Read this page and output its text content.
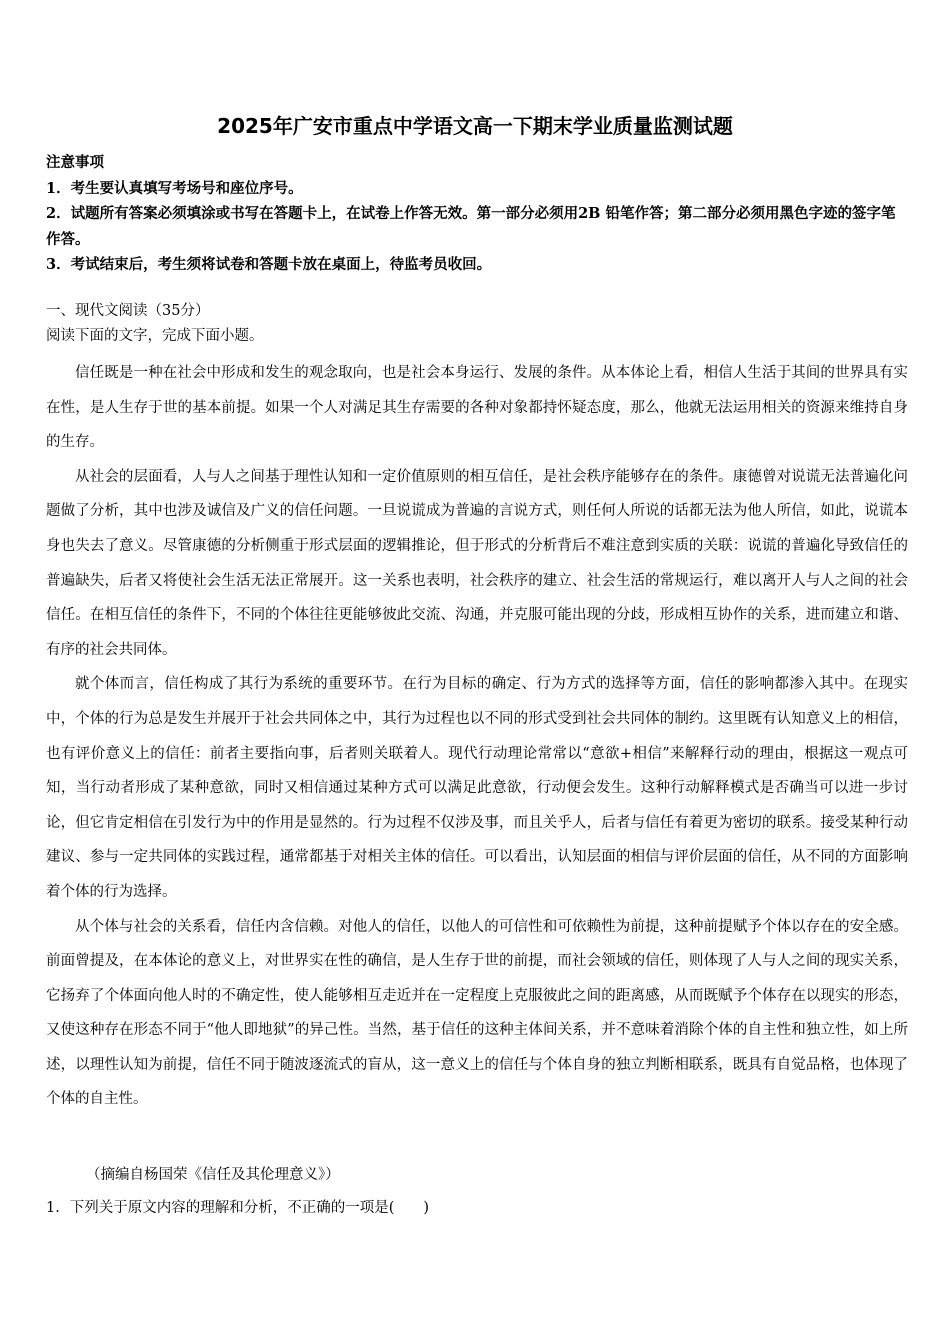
2025年广安市重点中学语文高一下期末学业质量监测试题

注意事项

1．考生要认真填写考场号和座位序号。

2．试题所有答案必须填涂或书写在答题卡上，在试卷上作答无效。第一部分必须用2B 铅笔作答；第二部分必须用黑色字迹的签字笔作答。

3．考试结束后，考生须将试卷和答题卡放在桌面上，待监考员收回。

一、现代文阅读（35分）

阅读下面的文字，完成下面小题。

信任既是一种在社会中形成和发生的观念取向，也是社会本身运行、发展的条件。从本体论上看，相信人生活于其间的世界具有实在性，是人生存于世的基本前提。如果一个人对满足其生存需要的各种对象都持怀疑态度，那么，他就无法运用相关的资源来维持自身的生存。

从社会的层面看，人与人之间基于理性认知和一定价值原则的相互信任，是社会秩序能够存在的条件。康德曾对说谎无法普遍化问题做了分析，其中也涉及诚信及广义的信任问题。一旦说谎成为普遍的言说方式，则任何人所说的话都无法为他人所信，如此，说谎本身也失去了意义。尽管康德的分析侧重于形式层面的逻辑推论，但于形式的分析背后不难注意到实质的关联：说谎的普遍化导致信任的普遍缺失，后者又将使社会生活无法正常展开。这一关系也表明，社会秩序的建立、社会生活的常规运行，难以离开人与人之间的社会信任。在相互信任的条件下，不同的个体往往更能够彼此交流、沟通，并克服可能出现的分歧，形成相互协作的关系，进而建立和谐、有序的社会共同体。

就个体而言，信任构成了其行为系统的重要环节。在行为目标的确定、行为方式的选择等方面，信任的影响都渗入其中。在现实中，个体的行为总是发生并展开于社会共同体之中，其行为过程也以不同的形式受到社会共同体的制约。这里既有认知意义上的相信，也有评价意义上的信任：前者主要指向事，后者则关联着人。现代行动理论常常以“意欲+相信”来解释行动的理由，根据这一观点可知，当行动者形成了某种意欲，同时又相信通过某种方式可以满足此意欲，行动便会发生。这种行动解释模式是否确当可以进一步讨论，但它肯定相信在引发行为中的作用是显然的。行为过程不仅涉及事，而且关乎人，后者与信任有着更为密切的联系。接受某种行动建议、参与一定共同体的实践过程，通常都基于对相关主体的信任。可以看出，认知层面的相信与评价层面的信任，从不同的方面影响着个体的行为选择。

从个体与社会的关系看，信任内含信赖。对他人的信任，以他人的可信性和可依赖性为前提，这种前提赋予个体以存在的安全感。前面曾提及，在本体论的意义上，对世界实在性的确信，是人生存于世的前提，而社会领域的信任，则体现了人与人之间的现实关系，它扬弃了个体面向他人时的不确定性，使人能够相互走近并在一定程度上克服彼此之间的距离感，从而既赋予个体存在以现实的形态，又使这种存在形态不同于“他人即地狱”的异己性。当然，基于信任的这种主体间关系，并不意味着消除个体的自主性和独立性，如上所述，以理性认知为前提，信任不同于随波逐流式的盲从，这一意义上的信任与个体自身的独立判断相联系，既具有自觉品格，也体现了个体的自主性。

（摘编自杨国荣《信任及其伦理意义》）
1．下列关于原文内容的理解和分析，不正确的一项是(　　)
